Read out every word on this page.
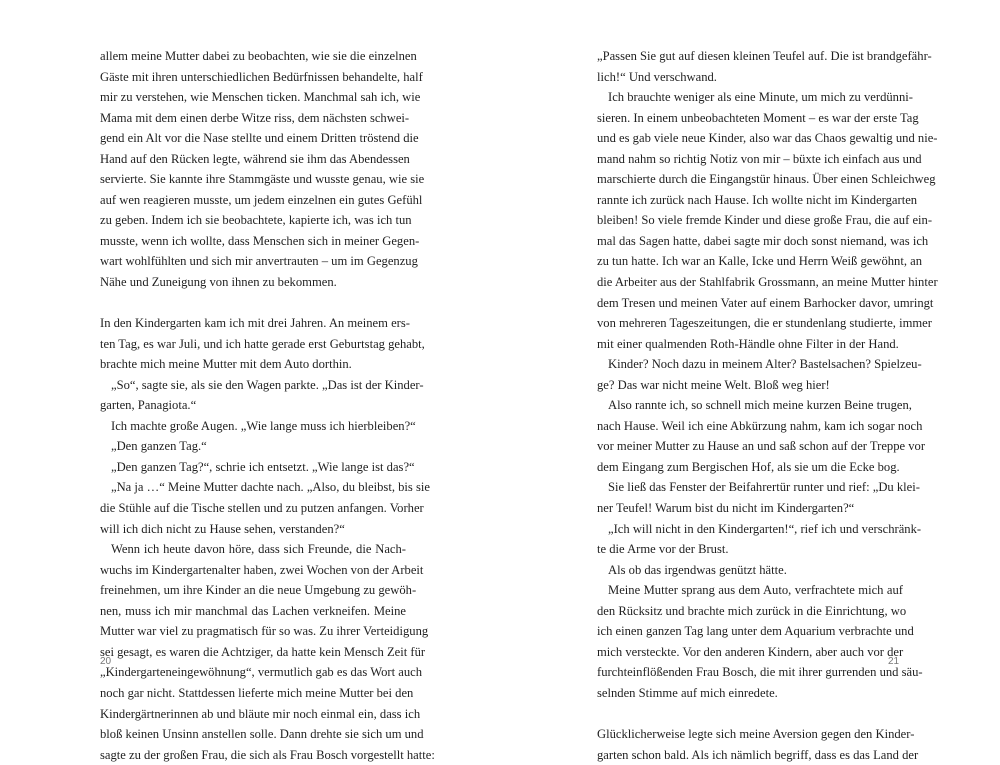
allem meine Mutter dabei zu beobachten, wie sie die einzelnen
Gäste mit ihren unterschiedlichen Bedürfnissen behandelte, half
mir zu verstehen, wie Menschen ticken. Manchmal sah ich, wie
Mama mit dem einen derbe Witze riss, dem nächsten schwei-
gend ein Alt vor die Nase stellte und einem Dritten tröstend die
Hand auf den Rücken legte, während sie ihm das Abendessen
servierte. Sie kannte ihre Stammgäste und wusste genau, wie sie
auf wen reagieren musste, um jedem einzelnen ein gutes Gefühl
zu geben. Indem ich sie beobachtete, kapierte ich, was ich tun
musste, wenn ich wollte, dass Menschen sich in meiner Gegen-
wart wohlfühlten und sich mir anvertrauten – um im Gegenzug
Nähe und Zuneigung von ihnen zu bekommen.
In den Kindergarten kam ich mit drei Jahren. An meinem ers-
ten Tag, es war Juli, und ich hatte gerade erst Geburtstag gehabt,
brachte mich meine Mutter mit dem Auto dorthin.
„So“, sagte sie, als sie den Wagen parkte. „Das ist der Kinder-
garten, Panagiota.“
Ich machte große Augen. „Wie lange muss ich hierbleiben?“
„Den ganzen Tag.“
„Den ganzen Tag?“, schrie ich entsetzt. „Wie lange ist das?“
„Na ja …“ Meine Mutter dachte nach. „Also, du bleibst, bis sie
die Stühle auf die Tische stellen und zu putzen anfangen. Vorher
will ich dich nicht zu Hause sehen, verstanden?“
Wenn ich heute davon höre, dass sich Freunde, die Nach-
wuchs im Kindergartenalter haben, zwei Wochen von der Arbeit
freinehmen, um ihre Kinder an die neue Umgebung zu gewöh-
nen, muss ich mir manchmal das Lachen verkneifen. Meine
Mutter war viel zu pragmatisch für so was. Zu ihrer Verteidigung
sei gesagt, es waren die Achtziger, da hatte kein Mensch Zeit für
„Kindergarteneingewöhnung“, vermutlich gab es das Wort auch
noch gar nicht. Stattdessen lieferte mich meine Mutter bei den
Kindergärtnerinnen ab und bläute mir noch einmal ein, dass ich
bloß keinen Unsinn anstellen solle. Dann drehte sie sich um und
sagte zu der großen Frau, die sich als Frau Bosch vorgestellt hatte:
„Passen Sie gut auf diesen kleinen Teufel auf. Die ist brandgefähr-
lich!“ Und verschwand.
Ich brauchte weniger als eine Minute, um mich zu verdünni-
sieren. In einem unbeobachteten Moment – es war der erste Tag
und es gab viele neue Kinder, also war das Chaos gewaltig und nie-
mand nahm so richtig Notiz von mir – büxte ich einfach aus und
marschierte durch die Eingangstür hinaus. Über einen Schleichweg
rannte ich zurück nach Hause. Ich wollte nicht im Kindergarten
bleiben! So viele fremde Kinder und diese große Frau, die auf ein-
mal das Sagen hatte, dabei sagte mir doch sonst niemand, was ich
zu tun hatte. Ich war an Kalle, Icke und Herrn Weiß gewöhnt, an
die Arbeiter aus der Stahlfabrik Grossmann, an meine Mutter hinter
dem Tresen und meinen Vater auf einem Barhocker davor, umringt
von mehreren Tageszeitungen, die er stundenlang studierte, immer
mit einer qualmenden Roth-Händle ohne Filter in der Hand.
Kinder? Noch dazu in meinem Alter? Bastelsachen? Spielzeu-
ge? Das war nicht meine Welt. Bloß weg hier!
Also rannte ich, so schnell mich meine kurzen Beine trugen,
nach Hause. Weil ich eine Abkürzung nahm, kam ich sogar noch
vor meiner Mutter zu Hause an und saß schon auf der Treppe vor
dem Eingang zum Bergischen Hof, als sie um die Ecke bog.
Sie ließ das Fenster der Beifahrertür runter und rief: „Du klei-
ner Teufel! Warum bist du nicht im Kindergarten?“
„Ich will nicht in den Kindergarten!“, rief ich und verschränk-
te die Arme vor der Brust.
Als ob das irgendwas genützt hätte.
Meine Mutter sprang aus dem Auto, verfrachtete mich auf
den Rücksitz und brachte mich zurück in die Einrichtung, wo
ich einen ganzen Tag lang unter dem Aquarium verbrachte und
mich versteckte. Vor den anderen Kindern, aber auch vor der
furchteinflößenden Frau Bosch, die mit ihrer gurrenden und säu-
selnden Stimme auf mich einredete.
Glücklicherweise legte sich meine Aversion gegen den Kinder-
garten schon bald. Als ich nämlich begriff, dass es das Land der
20	21
